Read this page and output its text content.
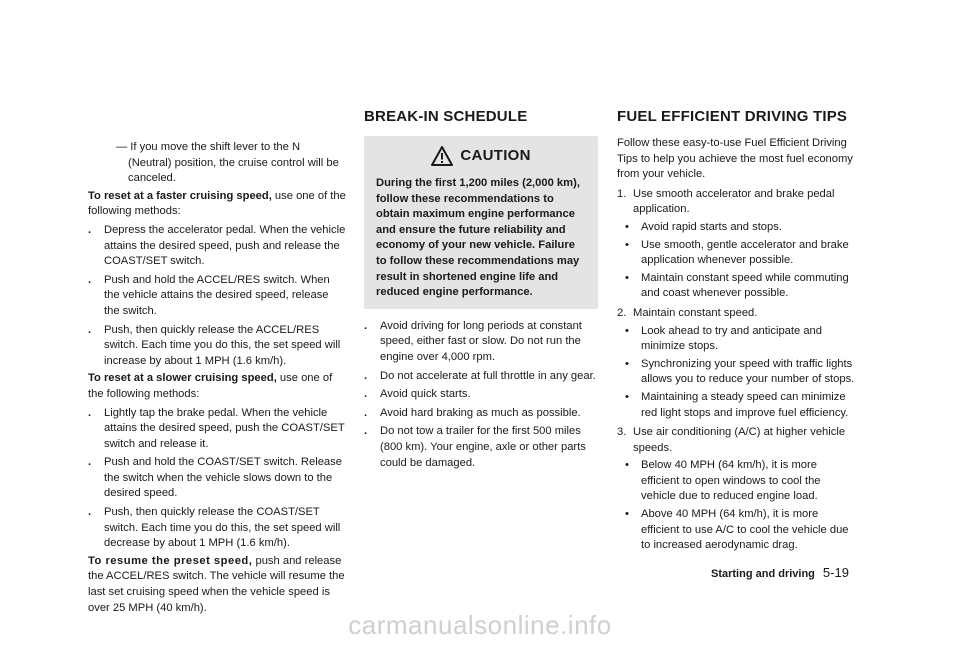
— If you move the shift lever to the N (Neutral) position, the cruise control will be canceled.

To reset at a faster cruising speed, use one of the following methods:

. Depress the accelerator pedal. When the vehicle attains the desired speed, push and release the COAST/SET switch.
. Push and hold the ACCEL/RES switch. When the vehicle attains the desired speed, release the switch.
. Push, then quickly release the ACCEL/RES switch. Each time you do this, the set speed will increase by about 1 MPH (1.6 km/h).

To reset at a slower cruising speed, use one of the following methods:

. Lightly tap the brake pedal. When the vehicle attains the desired speed, push the COAST/SET switch and release it.
. Push and hold the COAST/SET switch. Release the switch when the vehicle slows down to the desired speed.
. Push, then quickly release the COAST/SET switch. Each time you do this, the set speed will decrease by about 1 MPH (1.6 km/h).

To resume the preset speed, push and release the ACCEL/RES switch. The vehicle will resume the last set cruising speed when the vehicle speed is over 25 MPH (40 km/h).

BREAK-IN SCHEDULE
CAUTION

During the first 1,200 miles (2,000 km), follow these recommendations to obtain maximum engine performance and ensure the future reliability and economy of your new vehicle. Failure to follow these recommendations may result in shortened engine life and reduced engine performance.

. Avoid driving for long periods at constant speed, either fast or slow. Do not run the engine over 4,000 rpm.
. Do not accelerate at full throttle in any gear.
. Avoid quick starts.
. Avoid hard braking as much as possible.
. Do not tow a trailer for the first 500 miles (800 km). Your engine, axle or other parts could be damaged.
FUEL EFFICIENT DRIVING TIPS

Follow these easy-to-use Fuel Efficient Driving Tips to help you achieve the most fuel economy from your vehicle.

1. Use smooth accelerator and brake pedal application.
• Avoid rapid starts and stops.
• Use smooth, gentle accelerator and brake application whenever possible.
• Maintain constant speed while commuting and coast whenever possible.
2. Maintain constant speed.
• Look ahead to try and anticipate and minimize stops.
• Synchronizing your speed with traffic lights allows you to reduce your number of stops.
• Maintaining a steady speed can minimize red light stops and improve fuel efficiency.
3. Use air conditioning (A/C) at higher vehicle speeds.
• Below 40 MPH (64 km/h), it is more efficient to open windows to cool the vehicle due to reduced engine load.
• Above 40 MPH (64 km/h), it is more efficient to use A/C to cool the vehicle due to increased aerodynamic drag.
Starting and driving 5-19
carmanualsonline.info
